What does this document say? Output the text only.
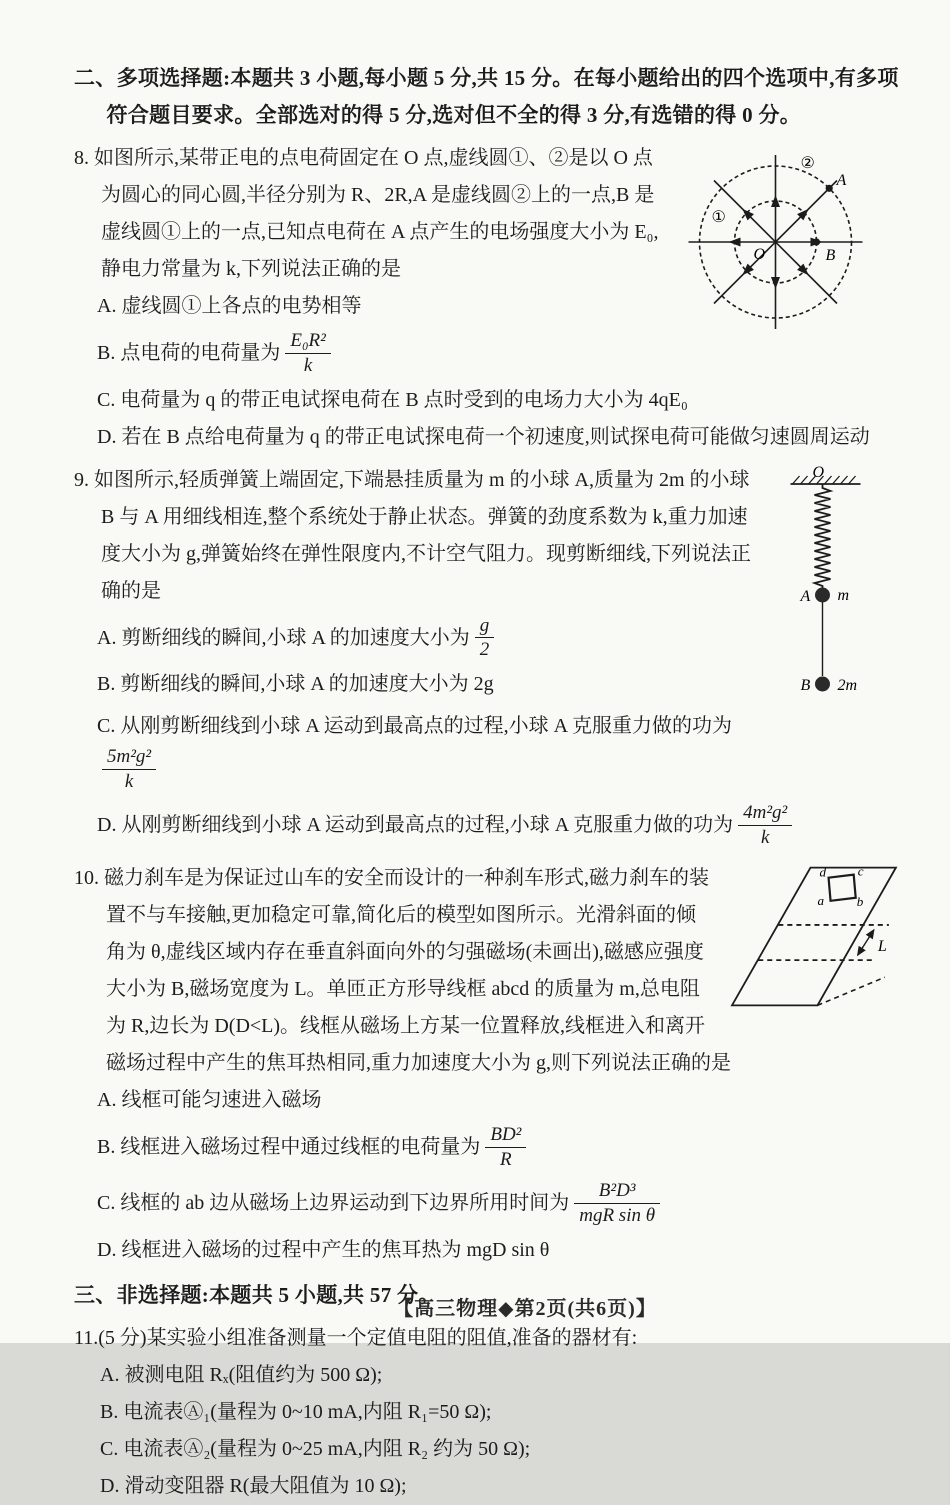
二、多项选择题:本题共 3 小题,每小题 5 分,共 15 分。在每小题给出的四个选项中,有多项符合题目要求。全部选对的得 5 分,选对但不全的得 3 分,有选错的得 0 分。
②
①
O
A
B
8. 如图所示,某带正电的点电荷固定在 O 点,虚线圆①、②是以 O 点为圆心的同心圆,半径分别为 R、2R,A 是虚线圆②上的一点,B 是虚线圆①上的一点,已知点电荷在 A 点产生的电场强度大小为 E₀,静电力常量为 k,下列说法正确的是
A. 虚线圆①上各点的电势相等
B. 点电荷的电荷量为 $\frac{\text{E₀R²}}{k}$
C. 电荷量为 q 的带正电试探电荷在 B 点时受到的电场力大小为 4qE₀
D. 若在 B 点给电荷量为 q 的带正电试探电荷一个初速度,则试探电荷可能做匀速圆周运动
O
A m
B 2m
9. 如图所示,轻质弹簧上端固定,下端悬挂质量为 m 的小球 A,质量为 2m 的小球 B 与 A 用细线相连,整个系统处于静止状态。弹簧的劲度系数为 k,重力加速度大小为 g,弹簧始终在弹性限度内,不计空气阻力。现剪断细线,下列说法正确的是
A. 剪断细线的瞬间,小球 A 的加速度大小为 $\frac{g}{2}$
B. 剪断细线的瞬间,小球 A 的加速度大小为 2g
C. 从刚剪断细线到小球 A 运动到最高点的过程,小球 A 克服重力做的功为
$\frac{\text{5m²g²}}{k}$
D. 从刚剪断细线到小球 A 运动到最高点的过程,小球 A 克服重力做的功为 $\frac{\text{4m²g²}}{k}$
d c
a	b
L
10. 磁力刹车是为保证过山车的安全而设计的一种刹车形式,磁力刹车的装置不与车接触,更加稳定可靠,简化后的模型如图所示。光滑斜面的倾角为 θ,虚线区域内存在垂直斜面向外的匀强磁场(未画出),磁感应强度大小为 B,磁场宽度为 L。单匝正方形导线框 abcd 的质量为 m,总电阻为 R,边长为 D(D<L)。线框从磁场上方某一位置释放,线框进入和离开磁场过程中产生的焦耳热相同,重力加速度大小为 g,则下列说法正确的是
A. 线框可能匀速进入磁场
B. 线框进入磁场过程中通过线框的电荷量为 $\frac{\text{BD²}}{R}$
C. 线框的 ab 边从磁场上边界运动到下边界所用时间为 $\frac{\text{B²D³}}{\text{mgR sin θ}}$
D. 线框进入磁场的过程中产生的焦耳热为 mgD sin θ
三、非选择题:本题共 5 小题,共 57 分。
11.(5 分)某实验小组准备测量一个定值电阻的阻值,准备的器材有:
A. 被测电阻 Rₓ(阻值约为 500 Ω);
B. 电流表Ⓐ₁(量程为 0~10 mA,内阻 R₁=50 Ω);
C. 电流表Ⓐ₂(量程为 0~25 mA,内阻 R₂ 约为 50 Ω);
D. 滑动变阻器 R(最大阻值为 10 Ω);
【高三物理◆第2页(共6页)】
